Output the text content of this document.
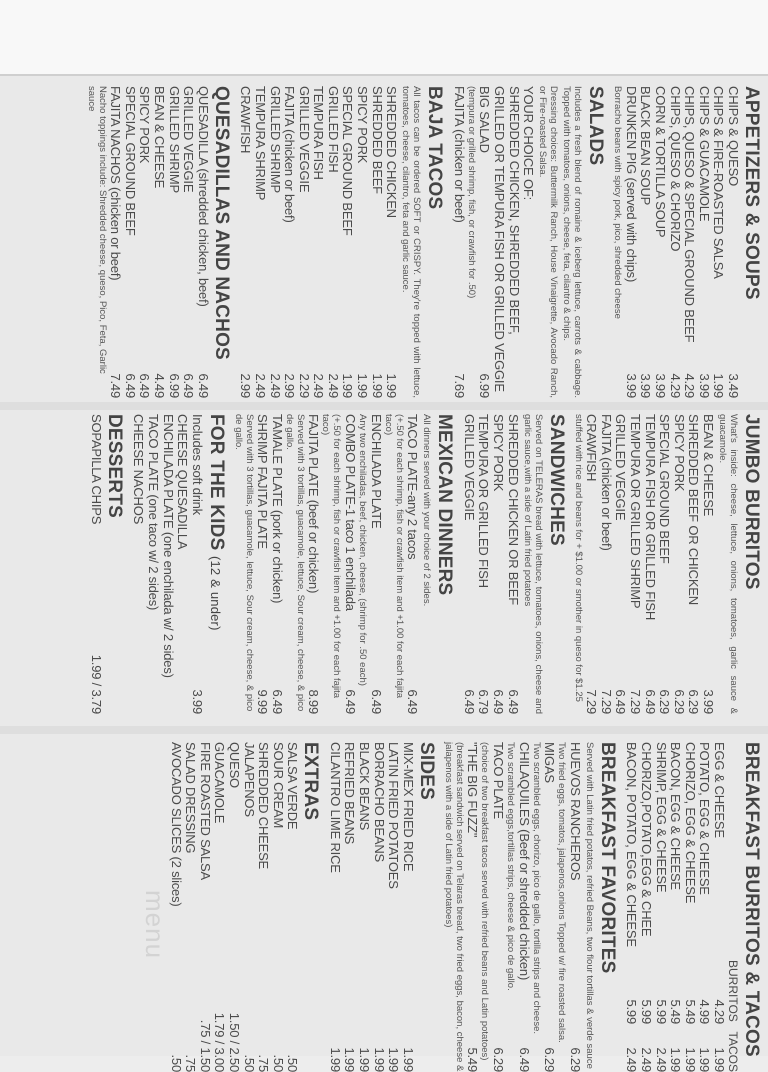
APPETIZERS & SOUPS
CHIPS & QUESO
3.49
CHIPS & FIRE-ROASTED SALSA
1.99
CHIPS & GUACAMOLE
3.99
CHIPS, QUESO & SPECIAL GROUND BEEF
4.29
CHIPS, QUESO & CHORIZO
4.29
CORN & TORTILLA SOUP
3.99
BLACK BEAN SOUP
3.99
DRUNKEN PIG (served with chips)
3.99
Borracho beans with spicy pork, pico, shredded cheese
SALADS
Includes a fresh blend of romaine & iceberg lettuce, carrots & cabbage. Topped with tomatoes, onions, cheese, feta, cilantro & chips.
Dressing choices: Buttermilk Ranch, House Vinaigrette, Avocado Ranch, or Fire-roasted Salsa.
YOUR CHOICE OF:
SHREDDED CHICKEN, SHREDDED BEEF,
GRILLED OR TEMPURA FISH OR GRILLED VEGGIE
BIG SALAD
6.99
(tempura or grilled shrimp, fish, or crawfish for .50)
FAJITA (chicken or beef)
7.69
BAJA TACOS
All tacos can be ordered SOFT or CRISPY. They're topped with lettuce, tomatoes, cheese, cilantro, feta and garlic sauce.
SHREDDED CHICKEN
1.99
SHREDDED BEEF
1.99
SPICY PORK
1.99
SPECIAL GROUND BEEF
1.99
GRILLED FISH
2.49
TEMPURA FISH
2.49
GRILLED VEGGIE
2.29
FAJITA (chicken or beef)
2.99
GRILLED SHRIMP
2.49
TEMPURA SHRIMP
2.49
CRAWFISH
2.99
QUESADILLAS AND NACHOS
QUESADILLA (shredded chicken, beef)
6.49
GRILLED VEGGIE
6.49
GRILLED SHRIMP
6.99
BEAN & CHEESE
4.49
SPICY PORK
6.49
SPECIAL GROUND BEEF
6.49
FAJITA NACHOS (chicken or beef)
7.49
Nacho toppings include: Shredded cheese, queso, Pico, Feta, Garlic sauce
JUMBO BURRITOS
What's inside: cheese, lettuce, onions, tomatoes, garlic sauce & guacamole.
BEAN & CHEESE
3.99
SHREDDED BEEF OR CHICKEN
6.29
SPICY PORK
6.29
SPECIAL GROUND BEEF
6.29
TEMPURA FISH OR GRILLED FISH
6.49
TEMPURA OR GRILLED SHRIMP
7.29
GRILLED VEGGIE
6.49
FAJITA (chicken or beef)
7.29
CRAWFISH
7.29
stuffed with rice and beans for + $1.00 or smother in queso for $1.25
SANDWICHES
Served on TELERAS bread with lettuce, tomatoes, onions, cheese and garlic sauce,with a side of Latin fried potatoes
SHREDDED CHICKEN OR BEEF
6.49
SPICY PORK
6.49
TEMPURA OR GRILLED FISH
6.79
GRILLED VEGGIE
6.49
MEXICAN DINNERS
All dinners served with your choice of 2 sides.
TACO PLATE-any 2 tacos
6.49
(+.50 for each shrimp, fish or crawfish item and +1.00 for each fajita taco)
ENCHILADA PLATE
6.49
Any two enchiladas, beef, chicken, cheese, (shrimp for .50 each)
COMBO PLATE-1 taco 1 enchilada
6.49
(+.50 for each shrimp, fish or crawfish item and +1.00 for each fajita taco)
FAJITA PLATE (beef or chicken)
8.99
Served with 3 tortillas, guacamole, lettuce, Sour cream, cheese, & pico de gallo.
TAMALE PLATE (pork or chicken)
6.49
SHRIMP FAJITA PLATE
9.99
Served with 3 tortillas, guacamole, lettuce, Sour cream, cheese, & pico de gallo.
FOR THE KIDS (12 & under)
Includes soft drink
3.99
CHEESE QUESADILLA
ENCHILADA PLATE (one enchilada w/ 2 sides)
TACO PLATE (one taco w/ 2 sides)
CHEESE NACHOS
DESSERTS
SOPAPILLA CHIPS
1.99 / 3.79
BREAKFAST BURRITOS & TACOS
BURRITOS
TACOS
EGG & CHEESE
4.291.99
POTATO, EGG & CHEESE
4.991.99
CHORIZO, EGG & CHEESE
5.491.99
BACON, EGG & CHEESE
5.491.99
SHRIMP, EGG & CHEESE
5.992.49
CHORIZO,POTATO,EGG & CHEE
5.992.49
BACON, POTATO, EGG & CHEESE
5.992.49
BREAKFAST FAVORITES
Served with Latin fried potatos, refried Beans, two flour tortillas & verde sauce
HUEVOS RANCHEROS
6.29
Two fried eggs, tomatos, jalapenos,onions Topped w/ fire roasted salsa.
MIGAS
6.29
Two scrambled eggs, chorizo, pico de gallo, tortilla strips and cheese.
CHILAQUILES (Beef or shredded chicken)
6.49
Two scrambled eggs,tortillas strips, cheese & pico de gallo.
TACO PLATE
6.29
(choice of two breakfast tacos served with refried beans and Latin potatoes)
"THE BIG FUZZ"
5.49
(breakfast sandwich served on Telaras bread, two fried eggs, bacon, cheese & jalapenos with a side of Latin fried potatoes)
SIDES
MIX-MEX FRIED RICE
1.99
LATIN FRIED POTATOES
1.99
BORRACHO BEANS
1.99
BLACK BEANS
1.99
REFRIED BEANS
1.99
CILANTRO LIME RICE
1.99
EXTRAS
SALSA VERDE
.50
SOUR CREAM
.50
SHREDDED CHEESE
.75
JALAPENOS
.50
QUESO
1.50 / 2.50
GUACAMOLE
1.79 / 3.00
FIRE ROASTED SALSA
.75 / 1.50
SALAD DRESSING
.75
AVOCADO SLICES (2 slices)
.50
menu
